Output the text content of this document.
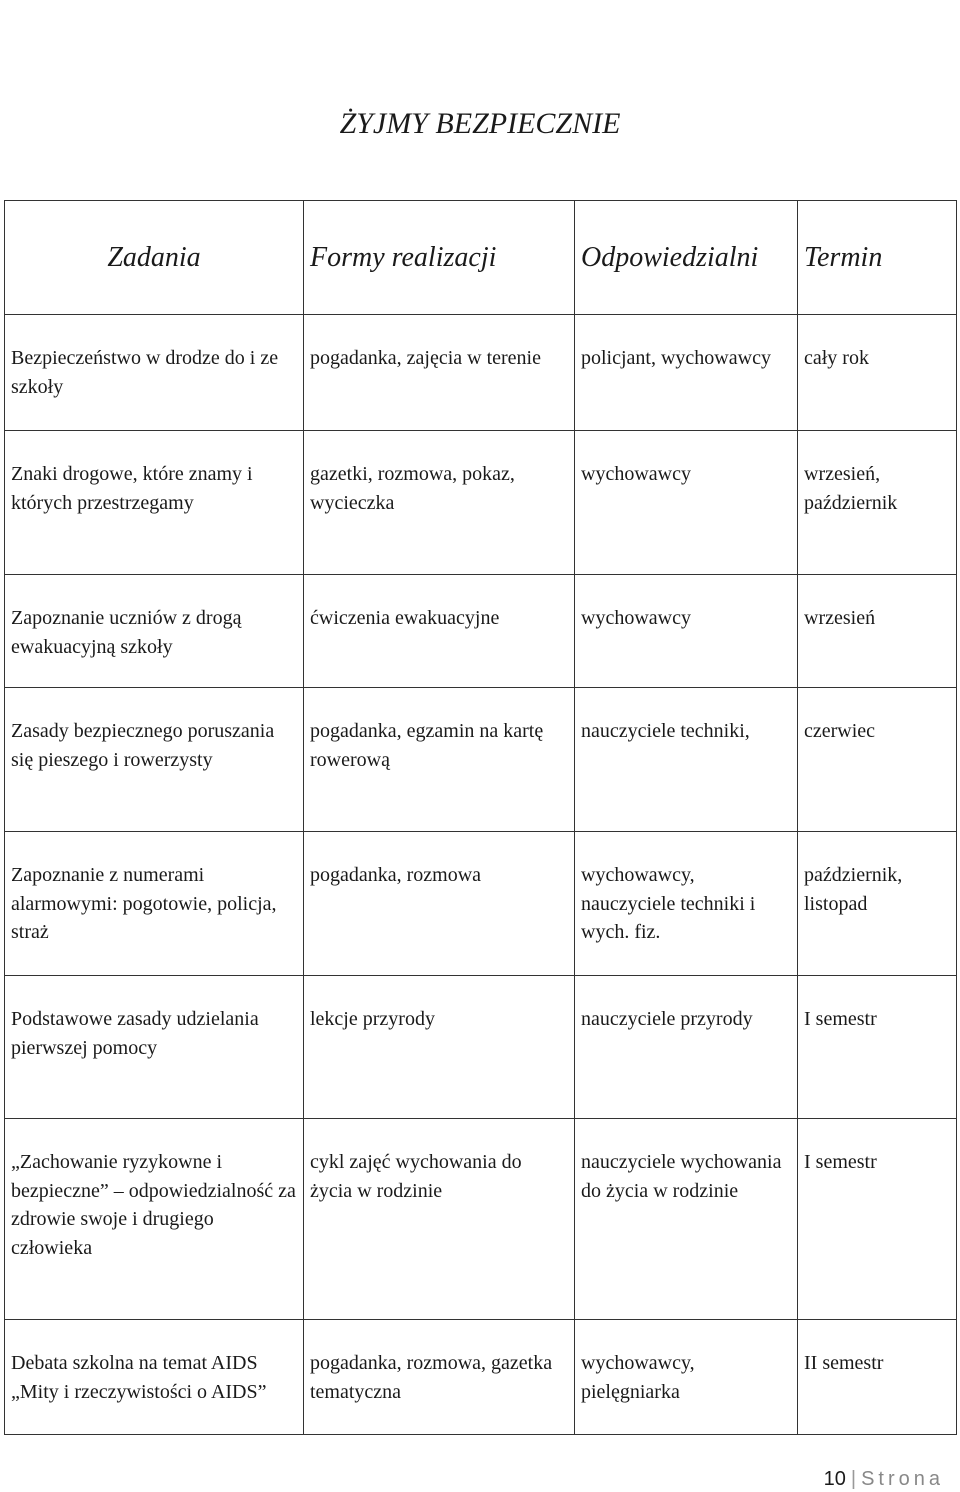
ŻYJMY BEZPIECZNIE
Zadania	Formy realizacji	Odpowiedzialni	Termin

Bezpieczeństwo w drodze do i ze szkoły	pogadanka, zajęcia w terenie	policjant, wychowawcy	cały rok

Znaki drogowe, które znamy i których przestrzegamy	gazetki, rozmowa, pokaz, wycieczka	wychowawcy	wrzesień, październik

Zapoznanie uczniów z drogą ewakuacyjną szkoły	ćwiczenia ewakuacyjne	wychowawcy	wrzesień

Zasady bezpiecznego poruszania się pieszego i rowerzysty	pogadanka, egzamin na kartę rowerową	nauczyciele techniki,	czerwiec

Zapoznanie z numerami alarmowymi: pogotowie, policja, straż	pogadanka, rozmowa	wychowawcy, nauczyciele techniki i wych. fiz.	październik, listopad

Podstawowe zasady udzielania pierwszej pomocy	lekcje przyrody	nauczyciele przyrody	I semestr

„Zachowanie ryzykowne i bezpieczne” – odpowiedzialność za zdrowie swoje i drugiego człowieka	cykl zajęć wychowania do życia w rodzinie	nauczyciele wychowania do życia w rodzinie	I semestr

Debata szkolna na temat AIDS „Mity i rzeczywistości o AIDS”	pogadanka, rozmowa, gazetka tematyczna	wychowawcy, pielęgniarka	II semestr
10 | Strona
